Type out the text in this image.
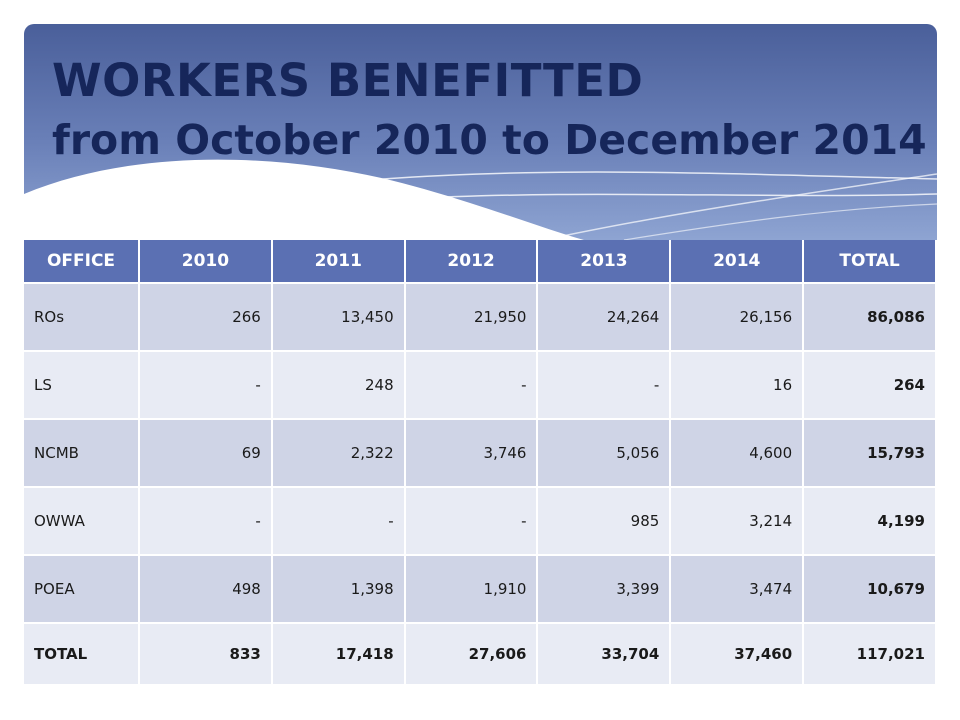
WORKERS BENEFITTED
from October 2010 to December 2014
OFFICE	2010	2011	2012	2013	2014	TOTAL
ROs	266	13,450	21,950	24,264	26,156	86,086
LS	-	248	-	-	16	264
NCMB	69	2,322	3,746	5,056	4,600	15,793
OWWA	-	-	-	985	3,214	4,199
POEA	498	1,398	1,910	3,399	3,474	10,679
TOTAL	833	17,418	27,606	33,704	37,460	117,021
